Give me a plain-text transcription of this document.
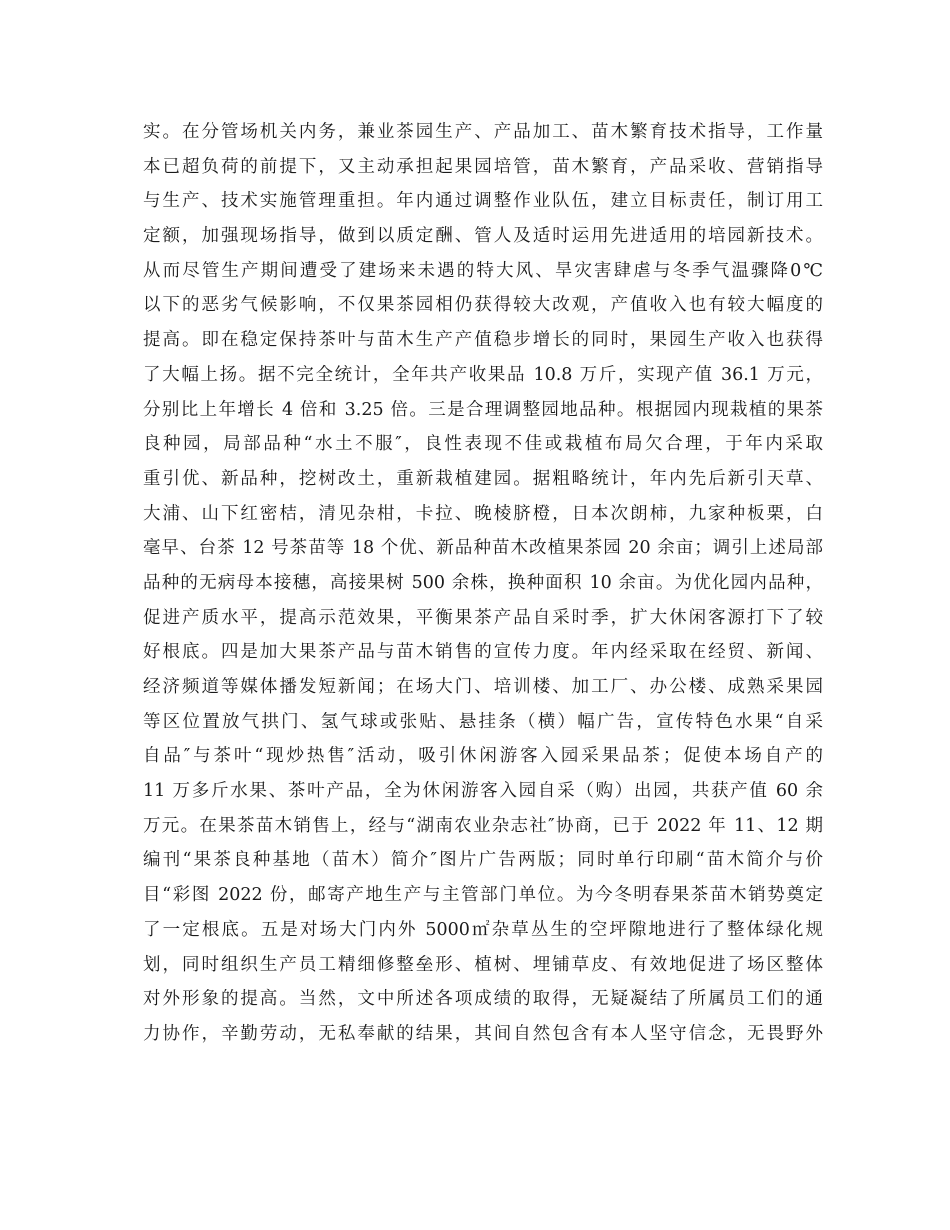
实。在分管场机关内务，兼业茶园生产、产品加工、苗木繁育技术指导，工作量
本已超负荷的前提下，又主动承担起果园培管，苗木繁育，产品采收、营销指导
与生产、技术实施管理重担。年内通过调整作业队伍，建立目标责任，制订用工
定额，加强现场指导，做到以质定酬、管人及适时运用先进适用的培园新技术。
从而尽管生产期间遭受了建场来未遇的特大风、旱灾害肆虐与冬季气温骤降0℃
以下的恶劣气候影响，不仅果茶园相仍获得较大改观，产值收入也有较大幅度的
提高。即在稳定保持茶叶与苗木生产产值稳步增长的同时，果园生产收入也获得
了大幅上扬。据不完全统计，全年共产收果品 10.8 万斤，实现产值 36.1 万元，
分别比上年增长 4 倍和 3.25 倍。三是合理调整园地品种。根据园内现栽植的果茶
良种园，局部品种“水土不服″，良性表现不佳或栽植布局欠合理，于年内采取
重引优、新品种，挖树改土，重新栽植建园。据粗略统计，年内先后新引天草、
大浦、山下红密桔，清见杂柑，卡拉、晚棱脐橙，日本次朗柿，九家种板栗，白
毫早、台茶 12 号茶苗等 18 个优、新品种苗木改植果茶园 20 余亩；调引上述局部
品种的无病母本接穗，高接果树 500 余株，换种面积 10 余亩。为优化园内品种，
促进产质水平，提高示范效果，平衡果茶产品自采时季，扩大休闲客源打下了较
好根底。四是加大果茶产品与苗木销售的宣传力度。年内经采取在经贸、新闻、
经济频道等媒体播发短新闻；在场大门、培训楼、加工厂、办公楼、成熟采果园
等区位置放气拱门、氢气球或张贴、悬挂条（横）幅广告，宣传特色水果“自采
自品″与茶叶“现炒热售″活动，吸引休闲游客入园采果品茶；促使本场自产的
11 万多斤水果、茶叶产品，全为休闲游客入园自采（购）出园，共获产值 60 余
万元。在果茶苗木销售上，经与“湖南农业杂志社″协商，已于 2022 年 11、12 期
编刊“果茶良种基地（苗木）简介″图片广告两版；同时单行印刷“苗木简介与价
目“彩图 2022 份，邮寄产地生产与主管部门单位。为今冬明春果茶苗木销势奠定
了一定根底。五是对场大门内外 5000㎡杂草丛生的空坪隙地进行了整体绿化规
划，同时组织生产员工精细修整垒形、植树、埋铺草皮、有效地促进了场区整体
对外形象的提高。当然，文中所述各项成绩的取得，无疑凝结了所属员工们的通
力协作，辛勤劳动，无私奉献的结果，其间自然包含有本人坚守信念，无畏野外
